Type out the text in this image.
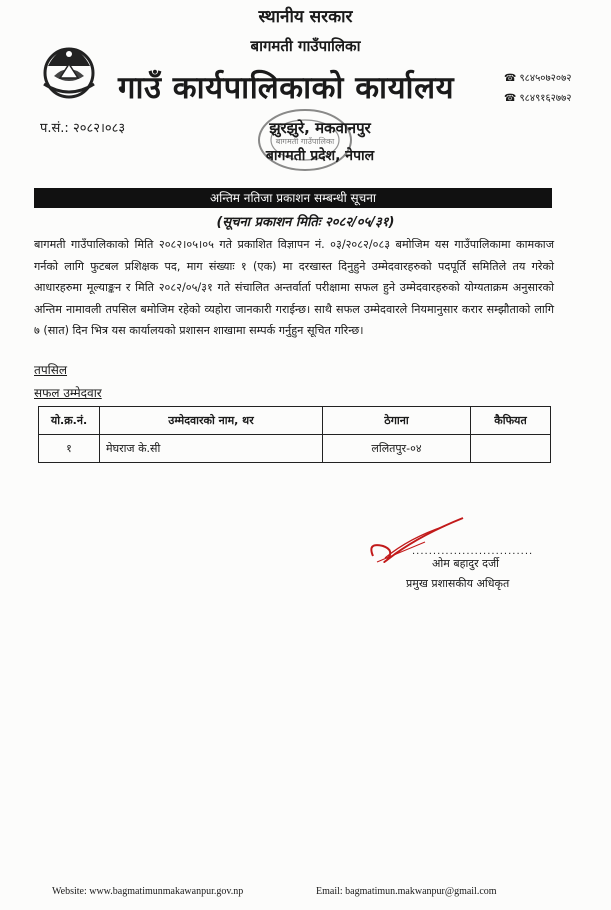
स्थानीय सरकार
बागमती गाउँपालिका
गाउँ कार्यपालिकाको कार्यालय	☎ ९८४५०७२०७२
☎ ९८४९१६२७७२
प.सं.: २०८२।०८३
बागमती गाउँपालिका
झुरझुरे, मकवानपुर
बागमती प्रदेश, नेपाल
अन्तिम नतिजा प्रकाशन सम्बन्धी सूचना
(सूचना प्रकाशन मितिः २०८२/०५/३१)

बागमती गाउँपालिकाको मिति २०८२।०५।०५ गते प्रकाशित विज्ञापन नं. ०३/२०८२/०८३ बमोजिम यस गाउँपालिकामा कामकाज गर्नको लागि फुटबल प्रशिक्षक पद, माग संख्याः १ (एक) मा दरखास्त दिनुहुने उम्मेदवारहरुको पदपूर्ति समितिले तय गरेको आधारहरुमा मूल्याङ्कन र मिति २०८२/०५/३१ गते संचालित अन्तर्वार्ता परीक्षामा सफल हुने उम्मेदवारहरुको योग्यताक्रम अनुसारको अन्तिम नामावली तपसिल बमोजिम रहेको व्यहोरा जानकारी गराईन्छ। साथै सफल उम्मेदवारले नियमानुसार करार सम्झौताको लागि ७ (सात) दिन भित्र यस कार्यालयको प्रशासन शाखामा सम्पर्क गर्नुहुन सूचित गरिन्छ।

तपसिल
सफल उम्मेदवार
यो.क्र.नं.	उम्मेदवारको नाम, थर	ठेगाना	कैफियत
१	मेघराज के.सी	ललितपुर-०४	
.............................
ओम बहादुर दर्जी
प्रमुख प्रशासकीय अधिकृत
Website: www.bagmatimunmakawanpur.gov.np	Email: bagmatimun.makwanpur@gmail.com
